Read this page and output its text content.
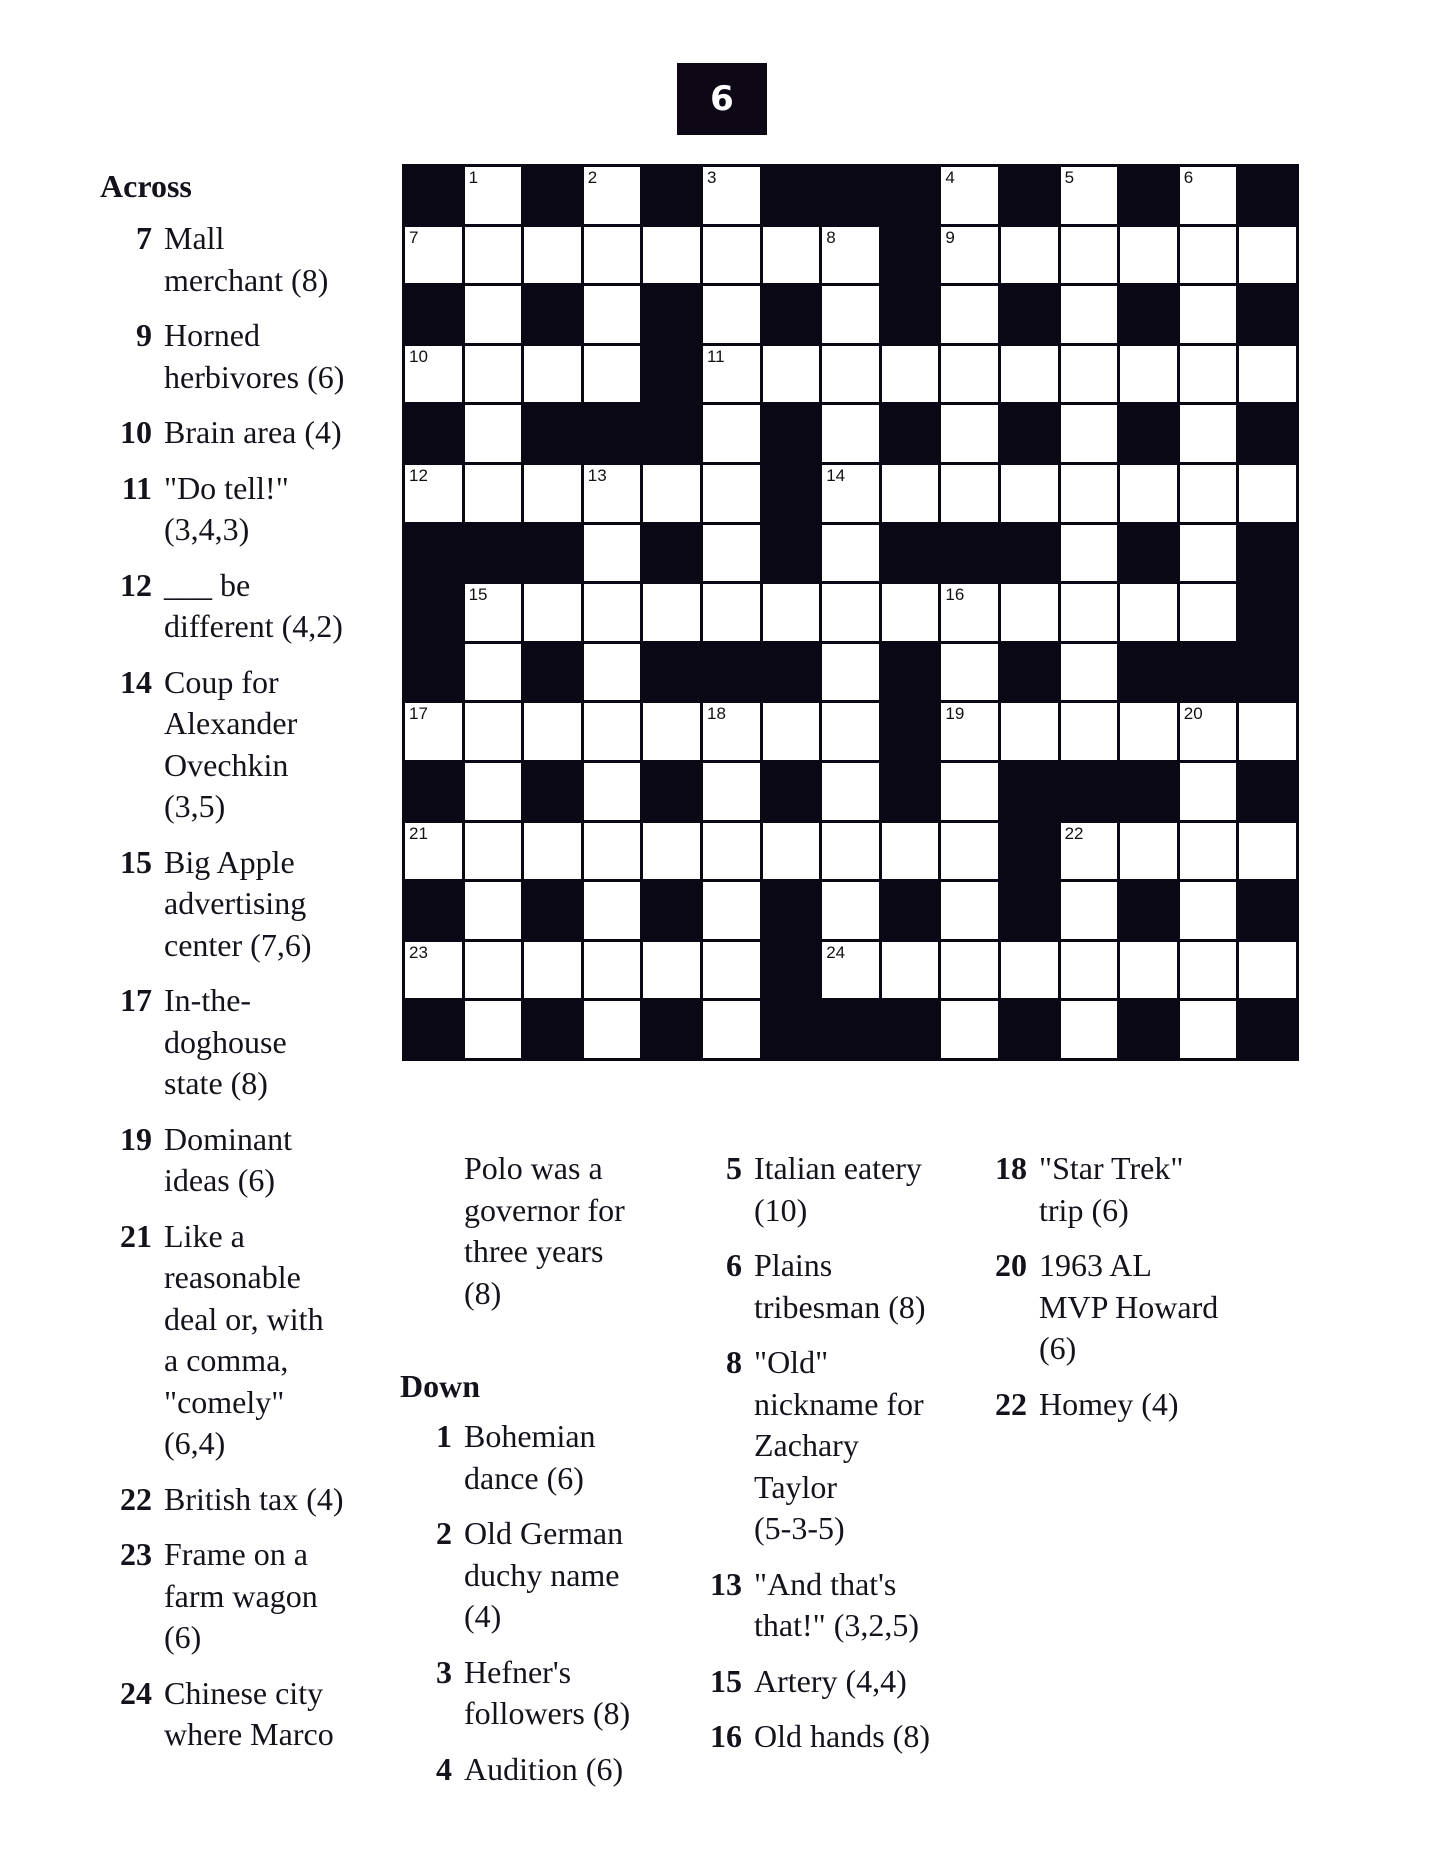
6
1	2	3	4	5	6
7	8	9
10	11
12	13	14
15	16
17	18	19	20
21	22
23	24
Across
7 Mall
merchant (8)
9 Horned
herbivores (6)
10 Brain area (4)
11 "Do tell!"
(3,4,3)
12 ___ be
different (4,2)
14 Coup for
Alexander
Ovechkin
(3,5)
15 Big Apple
advertising
center (7,6)
17 In-the-
doghouse
state (8)
19 Dominant
ideas (6)
21 Like a
reasonable
deal or, with
a comma,
"comely"
(6,4)
22 British tax (4)
23 Frame on a
farm wagon
(6)
24 Chinese city
where Marco
Polo was a
governor for
three years
(8)
Down
1 Bohemian
dance (6)
2 Old German
duchy name
(4)
3 Hefner's
followers (8)
4 Audition (6)
5 Italian eatery
(10)
6 Plains
tribesman (8)
8 "Old"
nickname for
Zachary
Taylor
(5-3-5)
13 "And that's
that!" (3,2,5)
15 Artery (4,4)
16 Old hands (8)
18 "Star Trek"
trip (6)
20 1963 AL
MVP Howard
(6)
22 Homey (4)
